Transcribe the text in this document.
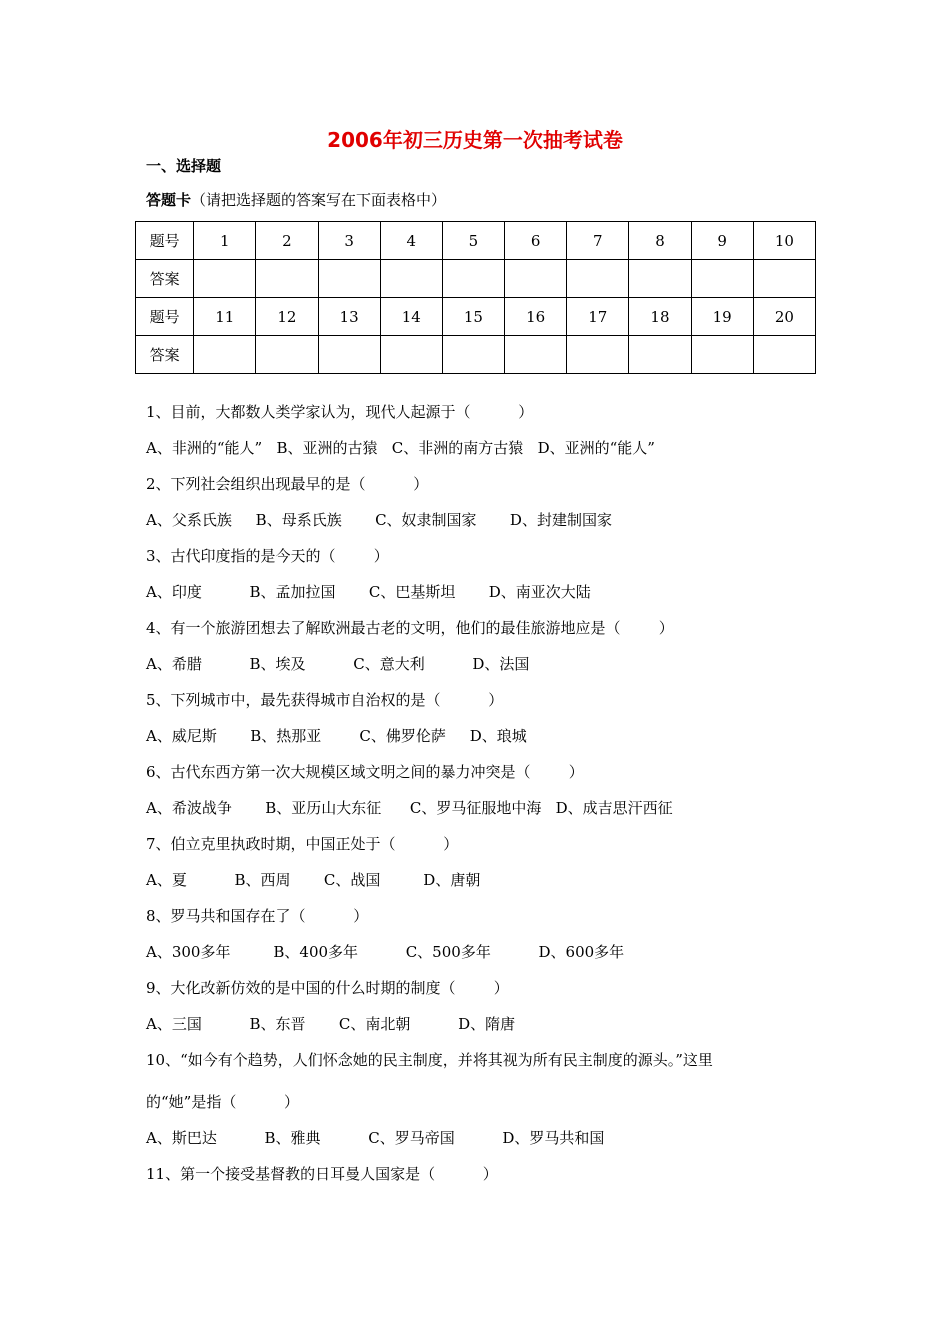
2006年初三历史第一次抽考试卷
一、选择题
答题卡（请把选择题的答案写在下面表格中）
题号	1	2	3	4	5	6	7	8	9	10
答案										
题号	11	12	13	14	15	16	17	18	19	20
答案										
1、目前，大都数人类学家认为，现代人起源于（          ）
A、非洲的“能人”   B、亚洲的古猿   C、非洲的南方古猿   D、亚洲的“能人”
2、下列社会组织出现最早的是（          ）
A、父系氏族     B、母系氏族       C、奴隶制国家       D、封建制国家
3、古代印度指的是今天的（        ）
A、印度          B、孟加拉国       C、巴基斯坦       D、南亚次大陆
4、有一个旅游团想去了解欧洲最古老的文明，他们的最佳旅游地应是（        ）
A、希腊          B、埃及          C、意大利          D、法国
5、下列城市中，最先获得城市自治权的是（          ）
A、威尼斯       B、热那亚        C、佛罗伦萨     D、琅城
6、古代东西方第一次大规模区域文明之间的暴力冲突是（        ）
A、希波战争       B、亚历山大东征      C、罗马征服地中海   D、成吉思汗西征
7、伯立克里执政时期，中国正处于（          ）
A、夏          B、西周       C、战国         D、唐朝
8、罗马共和国存在了（          ）
A、300多年         B、400多年          C、500多年          D、600多年
9、大化改新仿效的是中国的什么时期的制度（        ）
A、三国          B、东晋       C、南北朝          D、隋唐
10、“如今有个趋势，人们怀念她的民主制度，并将其视为所有民主制度的源头。”这里
的“她”是指（          ）
A、斯巴达          B、雅典          C、罗马帝国          D、罗马共和国
11、第一个接受基督教的日耳曼人国家是（          ）
